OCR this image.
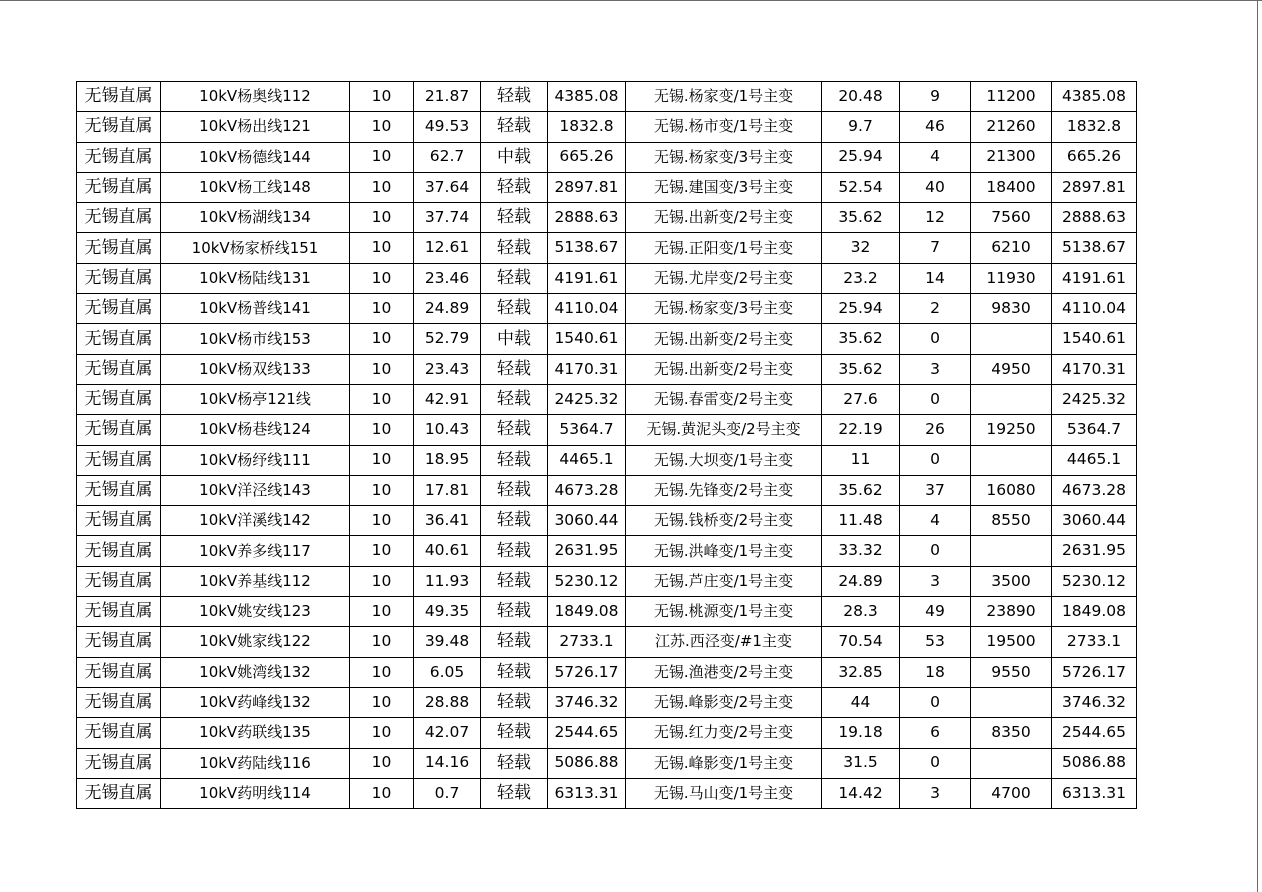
无锡直属	10kV杨奥线112	10	21.87	轻载	4385.08	无锡.杨家变/1号主变	20.48	9	11200	4385.08
无锡直属	10kV杨出线121	10	49.53	轻载	1832.8	无锡.杨市变/1号主变	9.7	46	21260	1832.8
无锡直属	10kV杨德线144	10	62.7	中载	665.26	无锡.杨家变/3号主变	25.94	4	21300	665.26
无锡直属	10kV杨工线148	10	37.64	轻载	2897.81	无锡.建国变/3号主变	52.54	40	18400	2897.81
无锡直属	10kV杨湖线134	10	37.74	轻载	2888.63	无锡.出新变/2号主变	35.62	12	7560	2888.63
无锡直属	10kV杨家桥线151	10	12.61	轻载	5138.67	无锡.正阳变/1号主变	32	7	6210	5138.67
无锡直属	10kV杨陆线131	10	23.46	轻载	4191.61	无锡.尤岸变/2号主变	23.2	14	11930	4191.61
无锡直属	10kV杨普线141	10	24.89	轻载	4110.04	无锡.杨家变/3号主变	25.94	2	9830	4110.04
无锡直属	10kV杨市线153	10	52.79	中载	1540.61	无锡.出新变/2号主变	35.62	0		1540.61
无锡直属	10kV杨双线133	10	23.43	轻载	4170.31	无锡.出新变/2号主变	35.62	3	4950	4170.31
无锡直属	10kV杨亭121线	10	42.91	轻载	2425.32	无锡.春雷变/2号主变	27.6	0		2425.32
无锡直属	10kV杨巷线124	10	10.43	轻载	5364.7	无锡.黄泥头变/2号主变	22.19	26	19250	5364.7
无锡直属	10kV杨纾线111	10	18.95	轻载	4465.1	无锡.大坝变/1号主变	11	0		4465.1
无锡直属	10kV洋泾线143	10	17.81	轻载	4673.28	无锡.先锋变/2号主变	35.62	37	16080	4673.28
无锡直属	10kV洋溪线142	10	36.41	轻载	3060.44	无锡.钱桥变/2号主变	11.48	4	8550	3060.44
无锡直属	10kV养多线117	10	40.61	轻载	2631.95	无锡.洪峰变/1号主变	33.32	0		2631.95
无锡直属	10kV养基线112	10	11.93	轻载	5230.12	无锡.芦庄变/1号主变	24.89	3	3500	5230.12
无锡直属	10kV姚安线123	10	49.35	轻载	1849.08	无锡.桃源变/1号主变	28.3	49	23890	1849.08
无锡直属	10kV姚家线122	10	39.48	轻载	2733.1	江苏.西泾变/#1主变	70.54	53	19500	2733.1
无锡直属	10kV姚湾线132	10	6.05	轻载	5726.17	无锡.渔港变/2号主变	32.85	18	9550	5726.17
无锡直属	10kV药峰线132	10	28.88	轻载	3746.32	无锡.峰影变/2号主变	44	0		3746.32
无锡直属	10kV药联线135	10	42.07	轻载	2544.65	无锡.红力变/2号主变	19.18	6	8350	2544.65
无锡直属	10kV药陆线116	10	14.16	轻载	5086.88	无锡.峰影变/1号主变	31.5	0		5086.88
无锡直属	10kV药明线114	10	0.7	轻载	6313.31	无锡.马山变/1号主变	14.42	3	4700	6313.31
